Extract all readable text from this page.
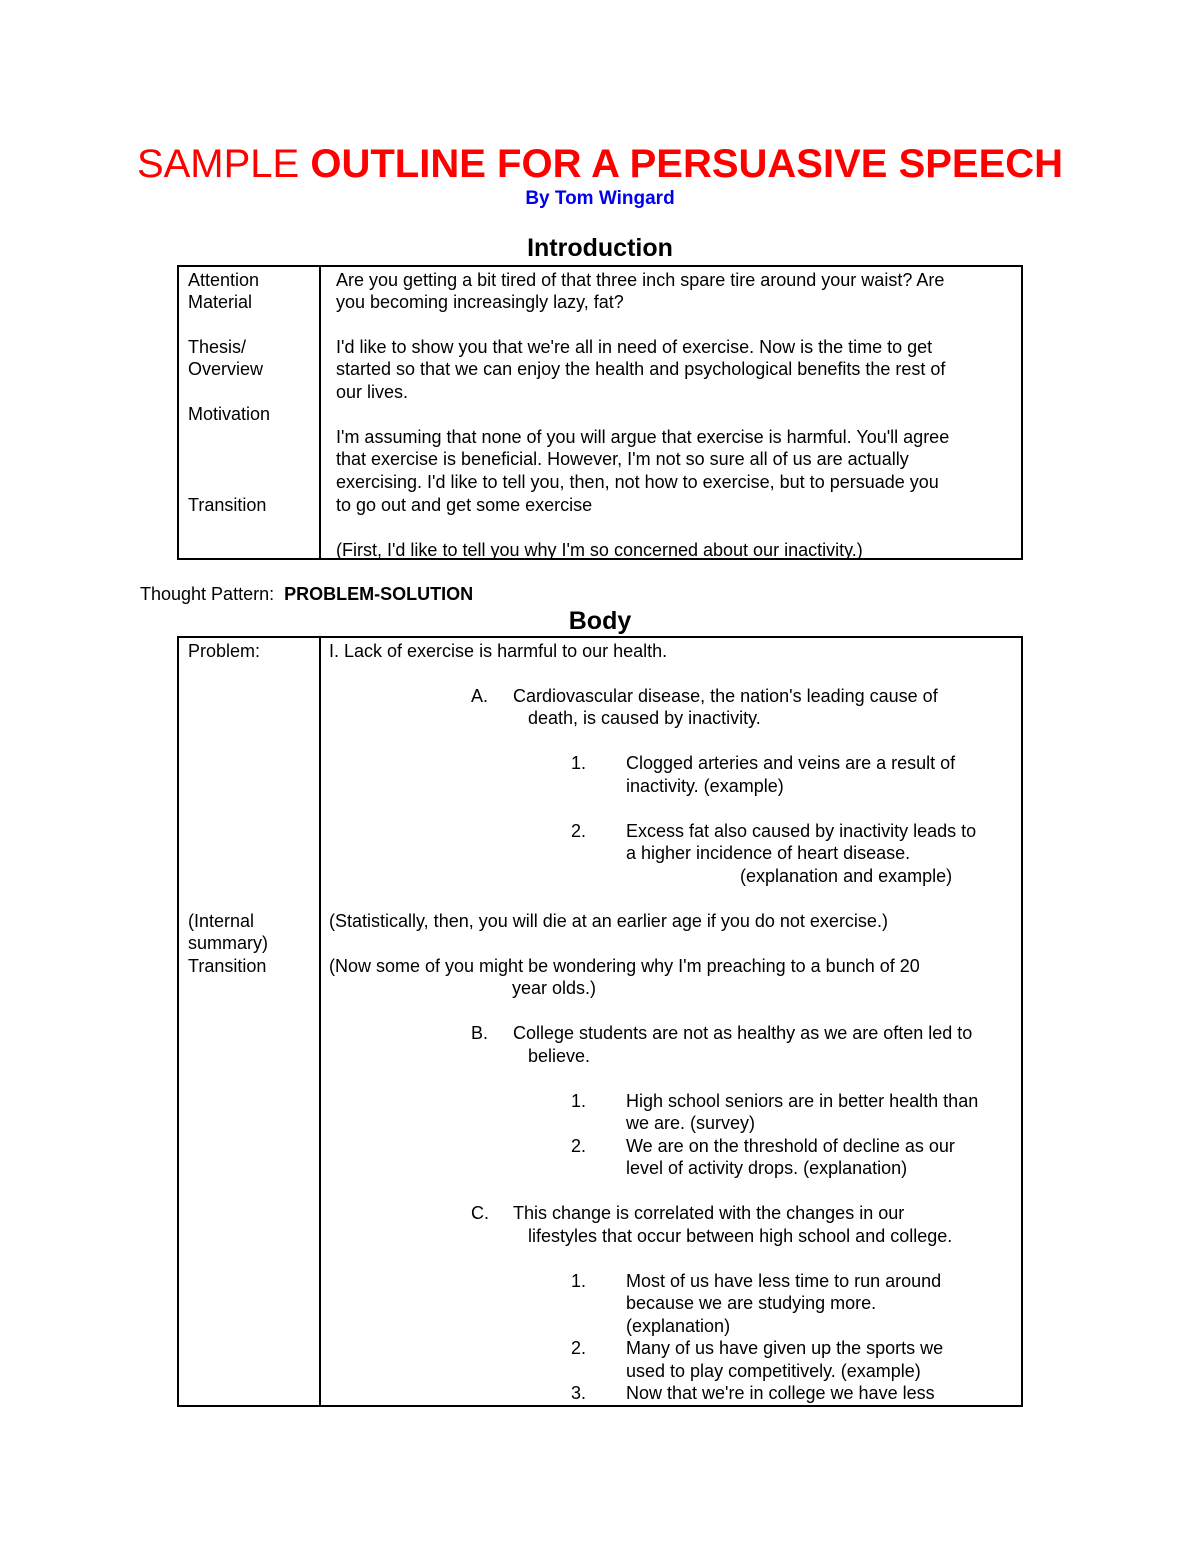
SAMPLE OUTLINE FOR A PERSUASIVE SPEECH
By Tom Wingard
Introduction
Attention
Material
Thesis/
Overview
Motivation
Transition
Are you getting a bit tired of that three inch spare tire around your waist? Are
you becoming increasingly lazy, fat?
I'd like to show you that we're all in need of exercise. Now is the time to get
started so that we can enjoy the health and psychological benefits the rest of
our lives.
I'm assuming that none of you will argue that exercise is harmful. You'll agree
that exercise is beneficial. However, I'm not so sure all of us are actually
exercising. I'd like to tell you, then, not how to exercise, but to persuade you
to go out and get some exercise
(First, I'd like to tell you why I'm so concerned about our inactivity.)
Thought Pattern: PROBLEM-SOLUTION
Body
Problem:
(Internal
summary)
Transition
I. Lack of exercise is harmful to our health.
A. Cardiovascular disease, the nation's leading cause of
death, is caused by inactivity.
1. Clogged arteries and veins are a result of
inactivity. (example)
2. Excess fat also caused by inactivity leads to
a higher incidence of heart disease.
(explanation and example)
(Statistically, then, you will die at an earlier age if you do not exercise.)
(Now some of you might be wondering why I'm preaching to a bunch of 20
year olds.)
B. College students are not as healthy as we are often led to
believe.
1. High school seniors are in better health than
we are. (survey)
2. We are on the threshold of decline as our
level of activity drops. (explanation)
C. This change is correlated with the changes in our
lifestyles that occur between high school and college.
1. Most of us have less time to run around
because we are studying more.
(explanation)
2. Many of us have given up the sports we
used to play competitively. (example)
3. Now that we're in college we have less
